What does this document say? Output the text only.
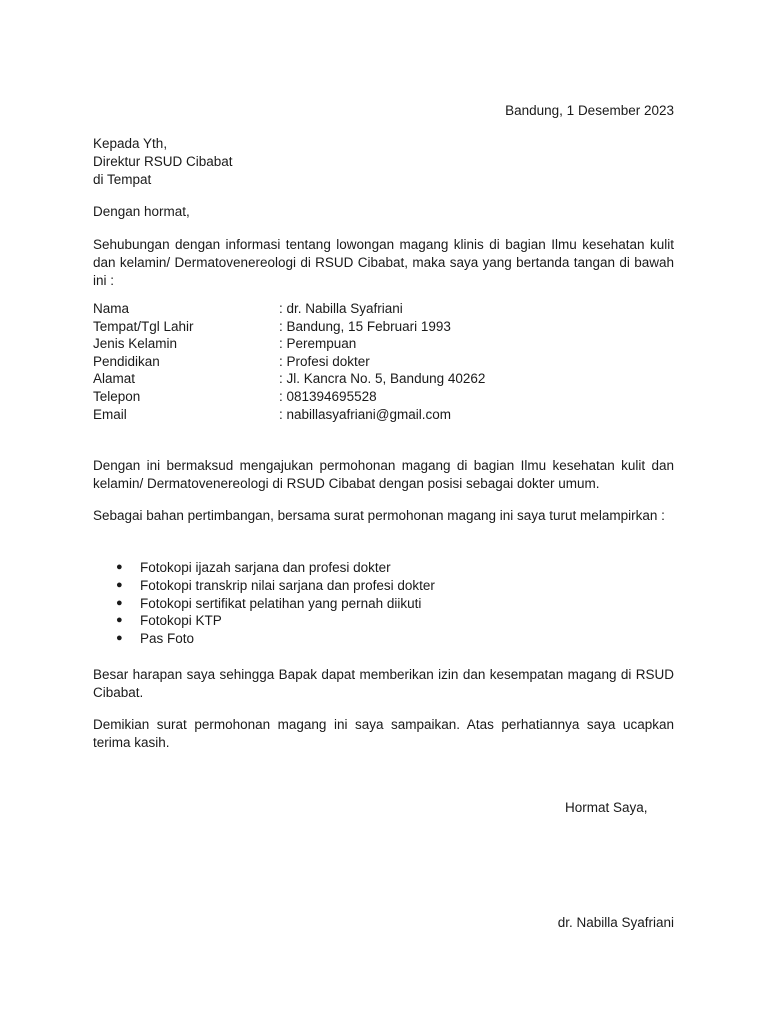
Bandung, 1 Desember 2023
Kepada Yth,
Direktur RSUD Cibabat
di Tempat
Dengan hormat,
Sehubungan dengan informasi tentang lowongan magang klinis di bagian Ilmu kesehatan kulit dan kelamin/ Dermatovenereologi di RSUD Cibabat, maka saya yang bertanda tangan di bawah ini :
Nama	: dr. Nabilla Syafriani
Tempat/Tgl Lahir	: Bandung, 15 Februari 1993
Jenis Kelamin	: Perempuan
Pendidikan	: Profesi dokter
Alamat	: Jl. Kancra No. 5, Bandung 40262
Telepon	: 081394695528
Email	: nabillasyafriani@gmail.com
Dengan ini bermaksud mengajukan permohonan magang di bagian Ilmu kesehatan kulit dan kelamin/ Dermatovenereologi di RSUD Cibabat dengan posisi sebagai dokter umum.
Sebagai bahan pertimbangan, bersama surat permohonan magang ini saya turut melampirkan :
● Fotokopi ijazah sarjana dan profesi dokter
● Fotokopi transkrip nilai sarjana dan profesi dokter
● Fotokopi sertifikat pelatihan yang pernah diikuti
● Fotokopi KTP
● Pas Foto
Besar harapan saya sehingga Bapak dapat memberikan izin dan kesempatan magang di RSUD Cibabat.
Demikian surat permohonan magang ini saya sampaikan. Atas perhatiannya saya ucapkan terima kasih.
Hormat Saya,
dr. Nabilla Syafriani
